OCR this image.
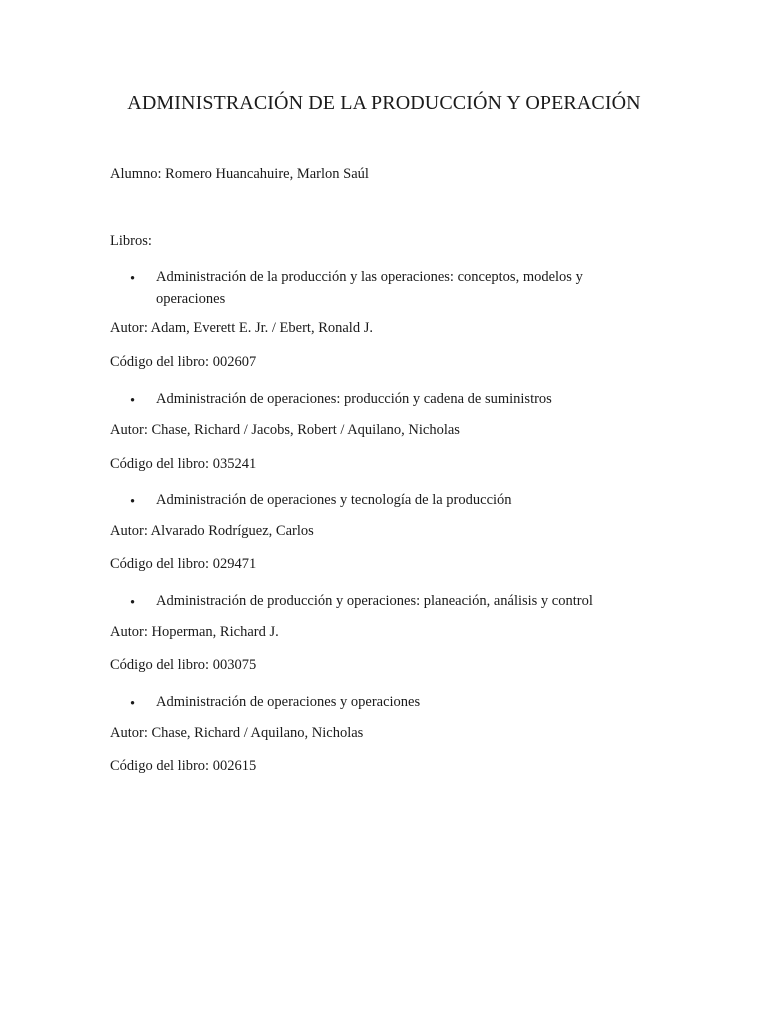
ADMINISTRACIÓN DE LA PRODUCCIÓN Y OPERACIÓN

Alumno: Romero Huancahuire, Marlon Saúl

Libros:

• Administración de la producción y las operaciones: conceptos, modelos y operaciones

Autor: Adam, Everett E. Jr. / Ebert, Ronald J.
Código del libro: 002607
• Administración de operaciones: producción y cadena de suministros

Autor: Chase, Richard / Jacobs, Robert / Aquilano, Nicholas
Código del libro: 035241
• Administración de operaciones y tecnología de la producción

Autor: Alvarado Rodríguez, Carlos
Código del libro: 029471
• Administración de producción y operaciones: planeación, análisis y control

Autor: Hoperman, Richard J.
Código del libro: 003075
• Administración de operaciones y operaciones

Autor: Chase, Richard / Aquilano, Nicholas
Código del libro: 002615
